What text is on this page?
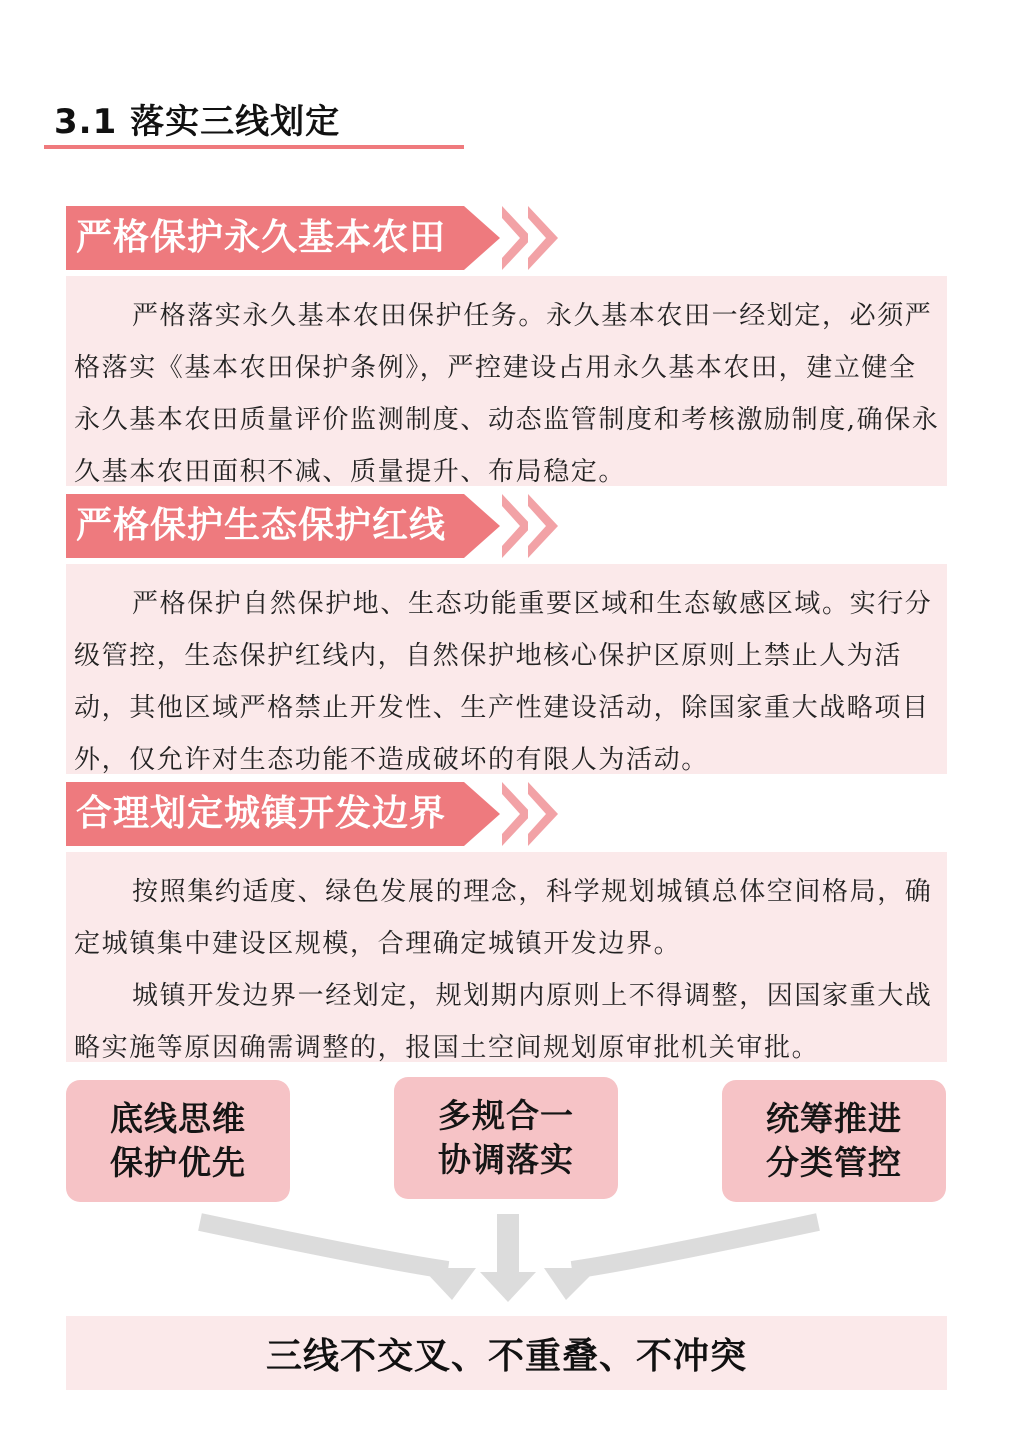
3.1 落实三线划定
严格保护永久基本农田

严格落实永久基本农田保护任务。永久基本农田一经划定，必须严格落实《基本农田保护条例》，严控建设占用永久基本农田，建立健全永久基本农田质量评价监测制度、动态监管制度和考核激励制度,确保永久基本农田面积不减、质量提升、布局稳定。

严格保护生态保护红线

严格保护自然保护地、生态功能重要区域和生态敏感区域。实行分级管控，生态保护红线内，自然保护地核心保护区原则上禁止人为活动，其他区域严格禁止开发性、生产性建设活动，除国家重大战略项目外，仅允许对生态功能不造成破坏的有限人为活动。

合理划定城镇开发边界

按照集约适度、绿色发展的理念，科学规划城镇总体空间格局，确定城镇集中建设区规模，合理确定城镇开发边界。

城镇开发边界一经划定，规划期内原则上不得调整，因国家重大战略实施等原因确需调整的，报国土空间规划原审批机关审批。

底线思维
保护优先
多规合一
协调落实
统筹推进
分类管控
三线不交叉、不重叠、不冲突
